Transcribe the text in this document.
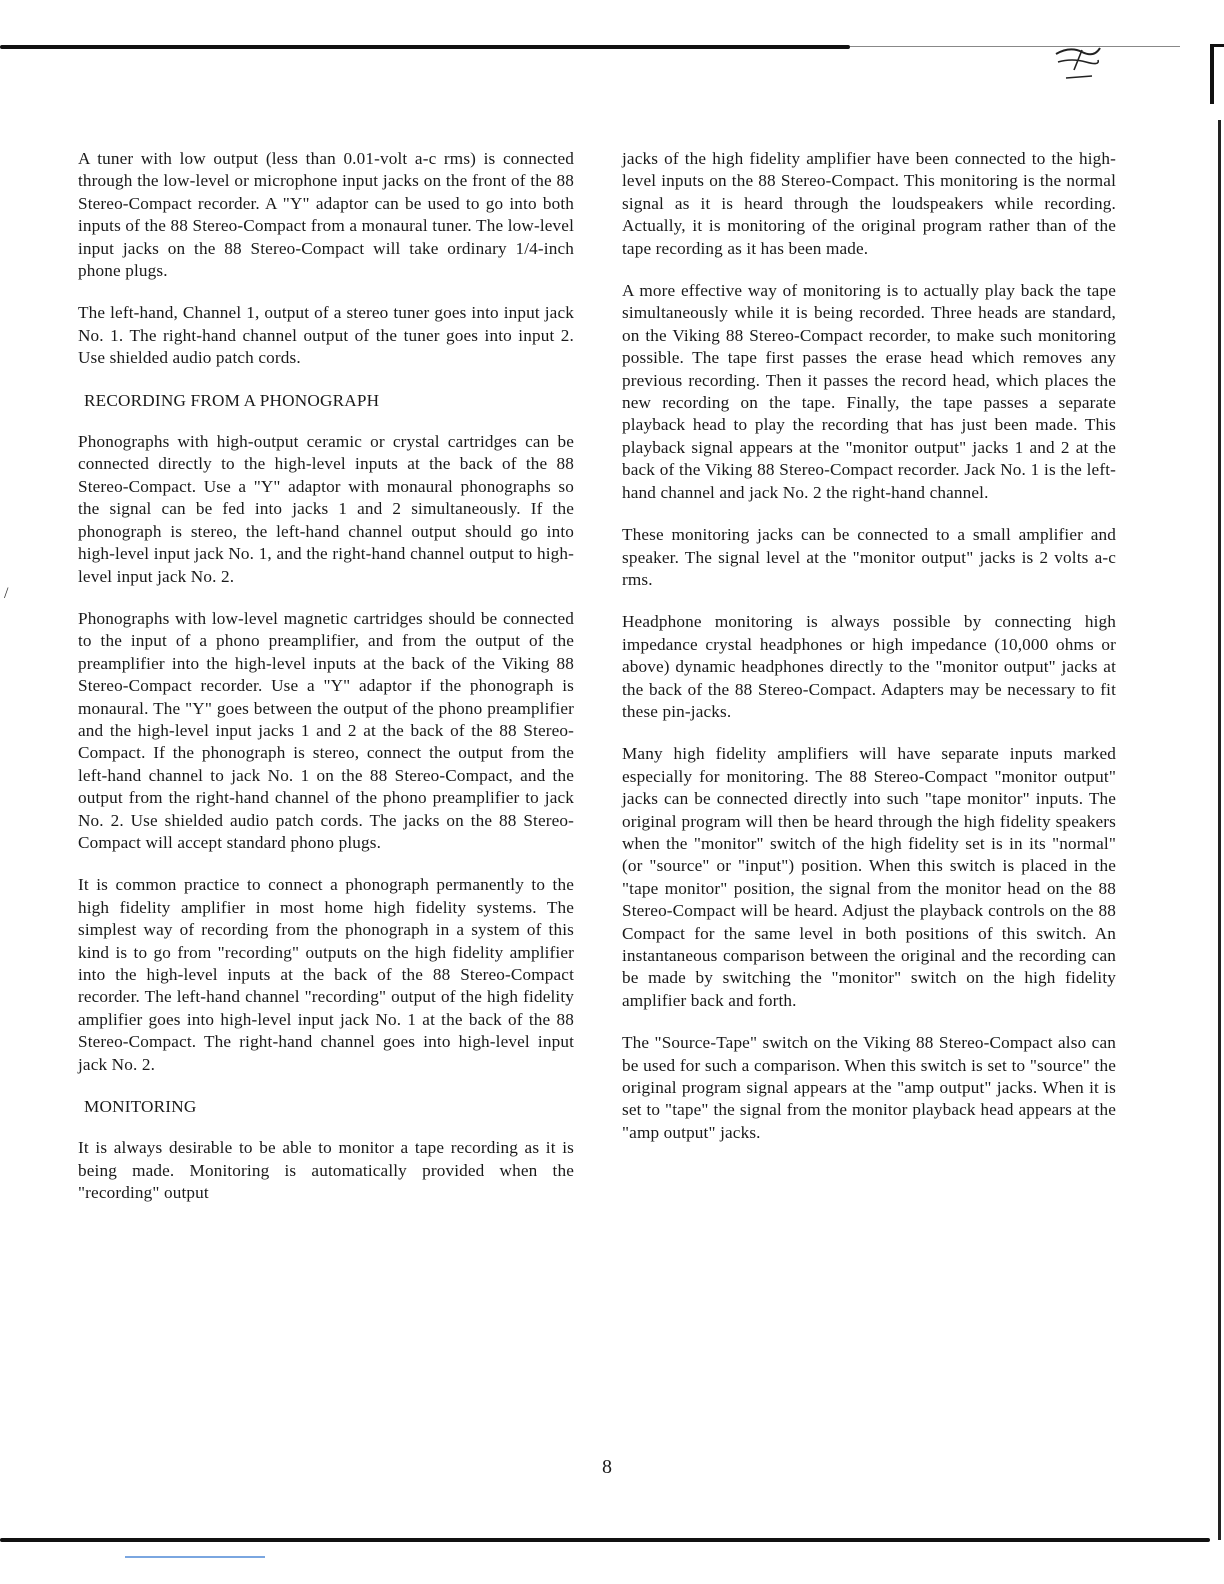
/

A tuner with low output (less than 0.01-volt a-c rms) is connected through the low-level or microphone input jacks on the front of the 88 Stereo-Compact recorder. A "Y" adaptor can be used to go into both inputs of the 88 Stereo-Compact from a monaural tuner. The low-level input jacks on the 88 Stereo-Compact will take ordinary 1/4-inch phone plugs.

The left-hand, Channel 1, output of a stereo tuner goes into input jack No. 1. The right-hand channel output of the tuner goes into input 2. Use shielded audio patch cords.

RECORDING FROM A PHONOGRAPH

Phonographs with high-output ceramic or crystal cartridges can be connected directly to the high-level inputs at the back of the 88 Stereo-Compact. Use a "Y" adaptor with monaural phonographs so the signal can be fed into jacks 1 and 2 simultaneously. If the phonograph is stereo, the left-hand channel output should go into high-level input jack No. 1, and the right-hand channel output to high-level input jack No. 2.

Phonographs with low-level magnetic cartridges should be connected to the input of a phono preamplifier, and from the output of the preamplifier into the high-level inputs at the back of the Viking 88 Stereo-Compact recorder. Use a "Y" adaptor if the phonograph is monaural. The "Y" goes between the output of the phono preamplifier and the high-level input jacks 1 and 2 at the back of the 88 Stereo-Compact. If the phonograph is stereo, connect the output from the left-hand channel to jack No. 1 on the 88 Stereo-Compact, and the output from the right-hand channel of the phono preamplifier to jack No. 2. Use shielded audio patch cords. The jacks on the 88 Stereo-Compact will accept standard phono plugs.

It is common practice to connect a phonograph permanently to the high fidelity amplifier in most home high fidelity systems. The simplest way of recording from the phonograph in a system of this kind is to go from "recording" outputs on the high fidelity amplifier into the high-level inputs at the back of the 88 Stereo-Compact recorder. The left-hand channel "recording" output of the high fidelity amplifier goes into high-level input jack No. 1 at the back of the 88 Stereo-Compact. The right-hand channel goes into high-level input jack No. 2.

MONITORING

It is always desirable to be able to monitor a tape recording as it is being made. Monitoring is automatically provided when the "recording" output

jacks of the high fidelity amplifier have been connected to the high-level inputs on the 88 Stereo-Compact. This monitoring is the normal signal as it is heard through the loudspeakers while recording. Actually, it is monitoring of the original program rather than of the tape recording as it has been made.

A more effective way of monitoring is to actually play back the tape simultaneously while it is being recorded. Three heads are standard, on the Viking 88 Stereo-Compact recorder, to make such monitoring possible. The tape first passes the erase head which removes any previous recording. Then it passes the record head, which places the new recording on the tape. Finally, the tape passes a separate playback head to play the recording that has just been made. This playback signal appears at the "monitor output" jacks 1 and 2 at the back of the Viking 88 Stereo-Compact recorder. Jack No. 1 is the left-hand channel and jack No. 2 the right-hand channel.

These monitoring jacks can be connected to a small amplifier and speaker. The signal level at the "monitor output" jacks is 2 volts a-c rms.

Headphone monitoring is always possible by connecting high impedance crystal headphones or high impedance (10,000 ohms or above) dynamic headphones directly to the "monitor output" jacks at the back of the 88 Stereo-Compact. Adapters may be necessary to fit these pin-jacks.

Many high fidelity amplifiers will have separate inputs marked especially for monitoring. The 88 Stereo-Compact "monitor output" jacks can be connected directly into such "tape monitor" inputs. The original program will then be heard through the high fidelity speakers when the "monitor" switch of the high fidelity set is in its "normal" (or "source" or "input") position. When this switch is placed in the "tape monitor" position, the signal from the monitor head on the 88 Stereo-Compact will be heard. Adjust the playback controls on the 88 Compact for the same level in both positions of this switch. An instantaneous comparison between the original and the recording can be made by switching the "monitor" switch on the high fidelity amplifier back and forth.

The "Source-Tape" switch on the Viking 88 Stereo-Compact also can be used for such a comparison. When this switch is set to "source" the original program signal appears at the "amp output" jacks. When it is set to "tape" the signal from the monitor playback head appears at the "amp output" jacks.

8
